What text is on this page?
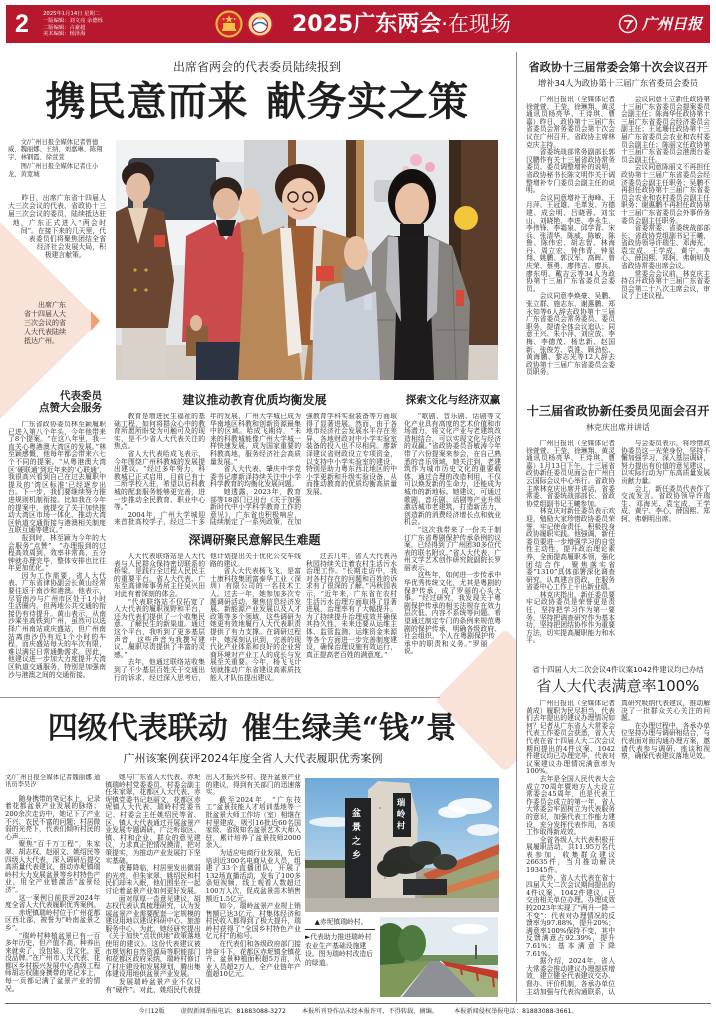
2	2025年1月14日 星期二
一版编辑：刘文亮 余德烁
二版编辑：占豪超
美术编辑：杨泽海	2025广东两会·在现场	广州日报
出席省两会的代表委员陆续报到
携民意而来 献务实之策

文/广州日报全媒体记者曾德威、魏丽娜、王纳、刘嘉琳、陈翔宇、林钢霞、徐萱萱

图/广州日报全媒体记者庄小龙、黄宽城

昨日，出席广东省十四届人大三次会议的代表、省政协十三届三次会议的委员，陆续抵达驻地，广东正式进入“两会时间”。在接下来的几天里，代表委员们将聚焦团结全省经济社会发展大局，积极建言献策。

出席广东省十四届人大三次会议的省人大代表陆续抵达广州。

代表委员
点赞大会服务

广东省政协委员林至颖履职已进入第八个年头，今年他带来了8个提案。“在这八年里，我一直关心粤港澳大湾区的发展。”林至颖感慨，他每年都会带来六七个不同的提案。“从粤港澳大湾区‘硬联通’到近年来的‘心联通’，我很高兴看到自己在过去履职中提及的‘湾区标准’已经逐步出台。下一步，我们要继续努力推进规则机制衔接。比如我在今年的提案中，就提交了关于加快推动大湾区市场一体化、推动大湾区轨道交通衔接与港澳相关制度互联互通等建议。”

报到时，林至颖为今年的大会服务“点赞”，“办理报到的过程高效周到，效率非常高，五分钟就办理完毕，整体安排也比往年更加优化。”

因为工作需要，省人大代表、广东省律协副会长黄山经常要往返于南沙和港澳。他表示，尽管南沙与广州市区处于1小时生活圈内，但两地公共交通的衔接仍有待提升。黄山表示，从南沙乘坐高铁到广州，虽然可以选择广州南站或庆盛站，但广州南站离南沙仍有近1个小时的车程，而庆盛站每天的车次有限，难以满足日常通勤需求。因此，他建议进一步加大力度提升大湾区轨道交通服务，特别是加强南沙与港澳之间的交通衔接。

建议推动教育优质均衡发展

教育是增进民生福祉的基础工程，如何将群众心中的教育所愿所盼变为可触可及的现实，是不少省人大代表关注的焦点。

省人大代表哈成飞表示，今年围绕广州科教城的发展提出建议。“经过多年努力，科教城已正式启用，目前已有十二所学校入驻，希望以后科教城的配套服务能够更完善，进一步推动全民教育、职业中心等。”

2004年，广州大学城迎来首批高校学子，经过二十多年的发展，广州大学城已成为华南地区科教和创新资源最集中的区域。哈成飞期待，“未来的科教城能像广州大学城一样快速发展，成为国家重要的科教高地，服务经济社会高质量发展。”

省人大代表、肇庆中学党委书记廖新泽持续关注中小学科学教育的均衡化发展问题。

她透露，2023年，教育部等18部门已出台《关于加强新时代中小学科学教育工作的意见》，广东省也积极响应，陆续制定了一系列政策，在加强教育学科实验装备等方面取得了显著进展。然而，由于各地市经济社会发展水平存在差异，各地财政对中小学实验室装备的投入也不尽相同。廖新泽建议省财政设立专项资金，以支持中小学实验室的建设，特别是助力粤东西北地区的中小学更新和升级实验设备，从而推动教育的优质均衡高质量发展。

深调研聚民意解民生难题

人大代表联络站是人大代表与人民群众保持密切联系的桥梁，是践行全过程人民民主的重要平台。省人大代表、广东至高律师事务所主任吴兴田对此有着深刻的体会。

“代表联络站不仅拓宽了人大代表的履职视野和平台，还为代表们提供了一个收集民意、了解民生的新渠道。通过这个平台，我听到了更多基层声音，这些声音为我撰写建议、履职尽责提供了丰富的灵感。”

去年，他通过联络站收集到了不少基层百姓关于交通出行的诉求，经过深入思考后，他计划提出关于优化公交车线路的建议。

省人大代表杨飞飞，是富士康科技集团富泰华工业（深圳）有限公司的一名技术工人。过去一年，她参加多次专题调研活动，聚焦信息经济发展、新能源产业发展以及人才政策等多个领域，这些调研为她更有效地履行人大代表职责提供了有力支撑。在调研过程中，她深刻认识到，完善的现代化产业体系和良好的企业营商环境对产业工人的成长与发展至关重要。今年，杨飞飞计划就推动广东省建设高素质技能人才队伍提出建议。

过去几年，省人大代表冯秋园持续关注着农村生活污水治理工作。“长期走访中，我对各村存在的问题和百姓的诉求有了很深的了解。”冯秋园表示，“近年来，广东省在农村生活污水治理方面取得了显著进展，治理率有了大幅提升。为了持续提升治理成效并确保其持久性，未来还要从运维主体、监管监测、运维资金来源等各个方面进一步完善制度建设，确保治理设施有效运行，真正提高老百姓的满意度。”

探索文化与经济双赢

“歌剧、音乐剧、话剧等文化产业具有高度的艺术价值和市场潜力，将文化产业与老建筑改造相结合，可以实现文化与经济的双赢。”省政协委员吾敏涛今年带了六份提案来参会，在自己熟悉的音乐领域，她关注到，老建筑作为城市历史文化的重要载体，通过合理的改造利用，不仅可以焕发新的生命力，还能成为城市的新地标。她建议，可通过歌剧、音乐剧、话剧等产业升级激活城市老建筑，打造新活力，创造新的消费经济增长点和就业机会。

“这次我带来了一份关于制订广东省粤剧保护传承条例的议案，已经得到了广州团30多位代表的联名附议。”省人大代表、广州文学艺术创作研究院副院长罗丽表示。

这些年，如何进一步传承中华优秀传统文化，尤其是粤剧的保护传承，成了罗丽的心头大事。“经过研究，我发现关于粤剧保护传承的相关法规存在效力层次低、内容不系统等问题。希望通过制定专门的条例来规范粤剧的保护传承，明确各级政府、社会组织、个人在粤剧保护传承中的职责和义务。”罗丽说。

省政协十三届常委会第十次会议召开
增补34人为政协第十三届广东省委员会委员

广州日报讯（全媒体记者徐萱萱、王莹、徐琳翔、黄灵 通讯员杨亮华、王诗琪、曹嘉）昨日，政协第十三届广东省委员会常务委员会第十次会议在广州召开。省政协主席林克庆主持。

省委统战部常务副部长郭汉鹏作有关十三届省政协常务委员、委员调整增补的说明，省政协秘书长陈文明作关于调整增补专门委员会副主任的说明。

会议同意增补王海峰、王月萍、王冠雄、毛革发、方德建、成会明、吕晓蓉、刘宝山、刘晓艳、李进、李永生、李伟锋、李霜泉、邱学青、宋兵、张清华、陈威、陈敏、陈鲁、陈伟宏、胡志智、林海丹、周立宏、钟伟青、钟星翔、姚鹏、郭汉军、高晖、曾庆荣、蔡勇、廖伟吉、廖兵、廖东明、戴吉云等34人为政协第十三届广东省委员会委员。

会议同意李焕豪、吴鹏、张立群、施志东、谢惠鹏、郑永知等6人辞去政协第十三届广东省委员会常务委员、委员职务，提请全体会议追认；同意王兴、朱小萍、刘应放、李梅、李德茂、杨忠新、赵国新、张俊芳、袁淮、顾劲松、黄海鹏、黎志光等12人辞去政协第十三届广东省委员会委员职务。

会议同意王立新任政协第十三届广东省委员会提案委员会副主任；陈海华任政协第十三届广东省委员会经济委员会副主任；王延珊任政协第十三届广东省委员会农业和农村委员会副主任；陈丽文任政协第十三届广东省委员会港澳台委员会副主任。

会议同意陈丽文不再担任政协第十三届广东省委员会经济委员会副主任职务；吴鹏不再担任政协第十三届广东省委员会农业和农村委员会副主任职务；谢惠鹏不再担任政协第十三届广东省委员会外事侨务委员会副主任职务。

省委常委、省委统战部部长、省政协党组副书记王曦，省政协领导许瑞生、邓海光、袁宝成、王学成、黄宁、李心、薛国熙、郑轲、弗朝明及省政协常委出席会议。

常委会会议前，林克庆主持召开政协第十三届广东省委员会第二十八次主席会议，审议了上述议程。

十三届省政协新任委员见面会召开
林克庆出席并讲话

广州日报讯（全媒体记者徐萱萱、王莹、徐琳翔、黄灵 通讯员杨亮华、王诗琪、曹嘉）1月13日下午，十三届省政协新任委员见面会在广州白云国际会议中心举行。省政协主席林克庆出席并讲话，省委常委、省委统战部部长、省政协党组副书记王曦参加。

林克庆对新任委员表示欢迎，勉励大家珍惜政协委员荣誉，牢记使命责任，积极投身政协履职实践。他强调，新任委员要进一步增强学习的自觉性主动性，提升政治理论素养，全面提高履职本领，强化团结合作，聚焦落实省委“1310”具体部署深化调查研究，认真建言资政，在服务省委中心工作上干出新业绩。

林克庆指出，新任委员要牢记政协委员是荣誉更是责任，坚持把学习作为第一要务，坚持把调查研究作为基本功，坚持把团结协作作为重要方法，切实提高履职能力和水平。

与会委员表示，将珍惜政协委员这一光荣身份，坚持不懈加强学习，深入基层调研，努力提出有价值的意见建议，以实际行动为广东高质量发展贡献力量。

会上，新任委员代表作了交流发言。省政协领导许瑞生、邓海光、袁宝成、王学成、黄宁、李心、薛国熙、郑轲、弗朝明出席。

省十四届人大二次会议4件议案1042件建议均已办结
省人大代表满意率100%

广州日报讯（全媒体记者黄成）履职为民尽担当，代表们去年提出的建议办理情况如何？记者从广东省人大常委会代表工作委员会获悉，省人大代表在省十四届人大二次会议期间提出的4件议案、1042件建议均已办理完毕，代表对议案建议办理情况满意率为100%。

去年是全国人民代表大会成立70周年暨地方人大设立常委会45周年，也是代表工作委员会成立的第一年，省人大常委会牢固树立为代表服务的意识，加强代表工作能力建设，充分发挥代表作用，各项工作取得新成效。

全省各级人大代表积极开展履职活动，共11.95万名代表参加，收集群众建议26635件，当月推动解决19345件。

此外，省人大代表在省十四届人大二次会议期间提出的4件议案、1042件建议，已交由相关单位办理。办理成效较2023年实现了“两升一降一不变”：代表对办理情况的反馈率为97.88%，提升20%；满意率100%保持不变，其中反馈满意占92.39%，提升7.61%；基本满意下降7.61%。

据介绍，2024年，省人大常委会推动建议办理提质增效，建立健全代表建议交办、督办、评价机制，各承办单位主动加强与代表沟通联系，认真研究吸纳代表建议，推动解决了一批群众关心关注的问题。

在办理过程中，各承办单位坚持办理与调研相结合，与代表面对面沟通办理方案，邀请代表参与调研、座谈和视察，确保代表建议落地见效。

四级代表联动 催生绿美“钱”景
广州该案例获评2024年度全省人大代表履职优秀案例
文/广州日报全媒体记者魏丽娜 通讯员李昊汐

随身携带的笔记本上，记录着花都盆景产业发展的脉络；200余次走访中，她记下了产业不兴、农民不富的问题；村居微弱的光亮下，代表们倾听村民的心声……

聚焦“百千万工程”，朱家翠、胡志权、赵丽文、姚绍民等四级人大代表，深入调研后提交高质量代表建议，推动赤坭镇瑞岭村大力发展盆景等乡村特色产业，用全产业链激活“盆景经济”。

这一案例日前获评2024年度全省人大代表履职优秀案例。

赤坭镇瑞岭村位于广州花都区西北部，被誉为“岭南盆景之乡”。

“瑞岭村种植盆景已有一百多年历史，但产值不高，种养出来就卖了，没包装、没文化，更没品牌。”在广州市人大代表、花都区乡村振兴发展中心高级工程师胡志权随身携带的笔记本上，每一页都记满了盆景产业的情况。

她与广东省人大代表、赤坭镇瑞岭村党委委员、村委会副主任朱家翠，花都区人大代表、赤坭镇党委书记赵丽文，花都区赤坭镇人大代表、瑞岭村党委书记、村委会主任姚绍民等省、区、镇人大代表通过开展盆景产业发展专题调研，广泛听取区、镇、村和企业、群众的意见建议，力求真正把情况摸清，把对策提实，为推动产业发展打下坚实基础。

夜幕降临，村居里发出微弱的光亮，但朱家翠、姚绍民和村民们却未入眠，他们围坐在一起讨论着盆景产业如何更好发展。

面对厚厚一沓意见建议，胡志权代表认真梳理研究，认为发展盆景产业需要配套一定规模的建设用地以建设科研中心、旅游服务中心。为此，她经研究提出《关于加快“点状供地”政策落地使用的建议》。这份代表建议被市规划和自然资源局等职能部门和花都区政府采纳，瑞岭村修订了村庄建设和发展规划，腾出集体建设用地供盆景产业发展。

发展瑞岭盆景产业不仅只有“硬件”。对此，姚绍民代表提出人才振兴乡村、提升盆景产业的建议，得到有关部门的迅速落实。

截至2024年，“广东技工”盆景技能人才培训基地等一批盆景大师工作坊（室）相继在村里建成，吸引16批近60名国家级、省级知名盆景艺术大师入驻，累计培养了盆景技师2000余人。

为适应电商行业发展，先后培训近300名电商从业人员，组建了33个直播团队，开展了132场直播活动，发布了100多条短视频，线上观看人数超过100万人次，促成盆景苗木销售额近1.5亿元。

如今，瑞岭盆景产业规上销售额已达3亿元，村集体经济和村民收入都得到了极大提升，瑞岭村获得了“全国乡村特色产业亿元村”的称号。

在代表们和各级政府部门接续奋斗下，花都区赤坭镇全镇花卉、盆景种植面积超5万亩，从业人员超2万人，全产业链年产值超10亿元。

盆景之乡	瑞岭村
▲赤坭镇瑞岭村。
►代表助力推进瑞岭村农业生产基础设施建设。图为瑞岭村改造后的绿道。
今日12版	虚假新闻举报电话：81883088-3272	本报所刊登作品未经本报许可，不得转载、摘编。	本报新闻侵权举报电话：81883088-3661。
